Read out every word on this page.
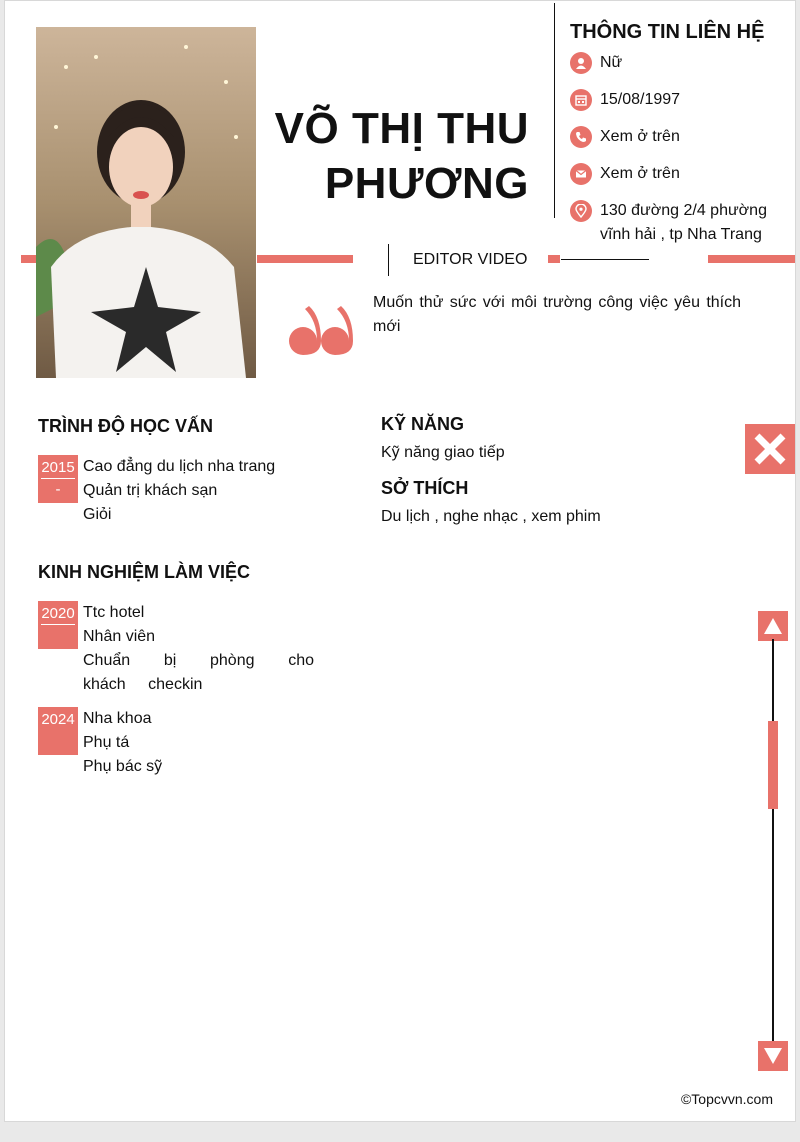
VÕ THỊ THU
PHƯƠNG
THÔNG TIN LIÊN HỆ
Nữ
15/08/1997
Xem ở trên
Xem ở trên
130 đường 2/4 phường vĩnh hải , tp Nha Trang
EDITOR VIDEO
Muốn thử sức với môi trường công việc yêu thích mới
TRÌNH ĐỘ HỌC VẤN
2015
-
Cao đẳng du lịch nha trang
Quản trị khách sạn
Giỏi
KINH NGHIỆM LÀM VIỆC
2020 Ttc hotel
Nhân viên
Chuẩn bị phòng cho khách checkin
2024 Nha khoa
Phụ tá
Phụ bác sỹ
KỸ NĂNG
Kỹ năng giao tiếp
SỞ THÍCH
Du lịch , nghe nhạc , xem phim
©Topcvvn.com
